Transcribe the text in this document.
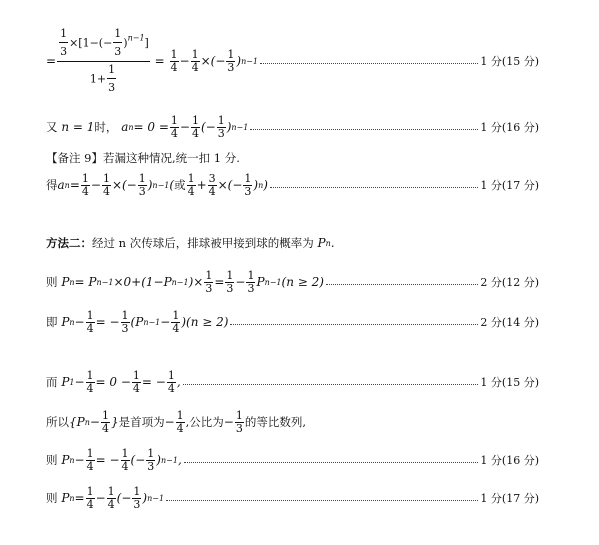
= $\frac{\frac{1}{3} \times[1-(- \frac{1}{3} )^{n-1}]}{1+ \frac{1}{3}} = \frac{1}{4} - \frac{1}{4}$ ×(− $\frac{1}{3}$ ) n−1	1 分(15 分)
又 n = 1 时， a $n = 0 = \frac{1}{4} - \frac{1}{4}$ (− $\frac{1}{3}$ ) n−1	1 分(16 分)
【备注 9】若漏这种情况,统一扣 1 分.
得 a $n = \frac{1}{4} - \frac{1}{4}$ ×(− $\frac{1}{3}$ ) n−1 ( 或 $\frac{1}{4} + \frac{3}{4}$ ×(− $\frac{1}{3}$ ) n )	1 分(17 分)
方法二： 经过 n 次传球后，排球被甲接到球的概率为 P n .
则 P n = P n−1 ×0+(1−P n−1 )× $\frac{1}{3} = \frac{1}{3} - \frac{1}{3}$ P n−1 (n ≥ 2)	2 分(12 分)
即 P $n - \frac{1}{4}$ = − $\frac{1}{3} (P$ $n-1 - \frac{1}{4} )(n \ge 2)$	2 分(14 分)
而 P $1 - \frac{1}{4} = 0 - \frac{1}{4}$ = − $\frac{1}{4}$ ,	1 分(15 分)
所以 {P $n - \frac{1}{4}$ } 是首项为 − $\frac{1}{4}$ ,公比为 − $\frac{1}{3}$ 的等比数列,
则 P $n - \frac{1}{4}$ = − $\frac{1}{4}$ (− $\frac{1}{3}$ ) n−1 ,	1 分(16 分)
则 P $n = \frac{1}{4} - \frac{1}{4}$ (− $\frac{1}{3}$ ) n−1	1 分(17 分)
